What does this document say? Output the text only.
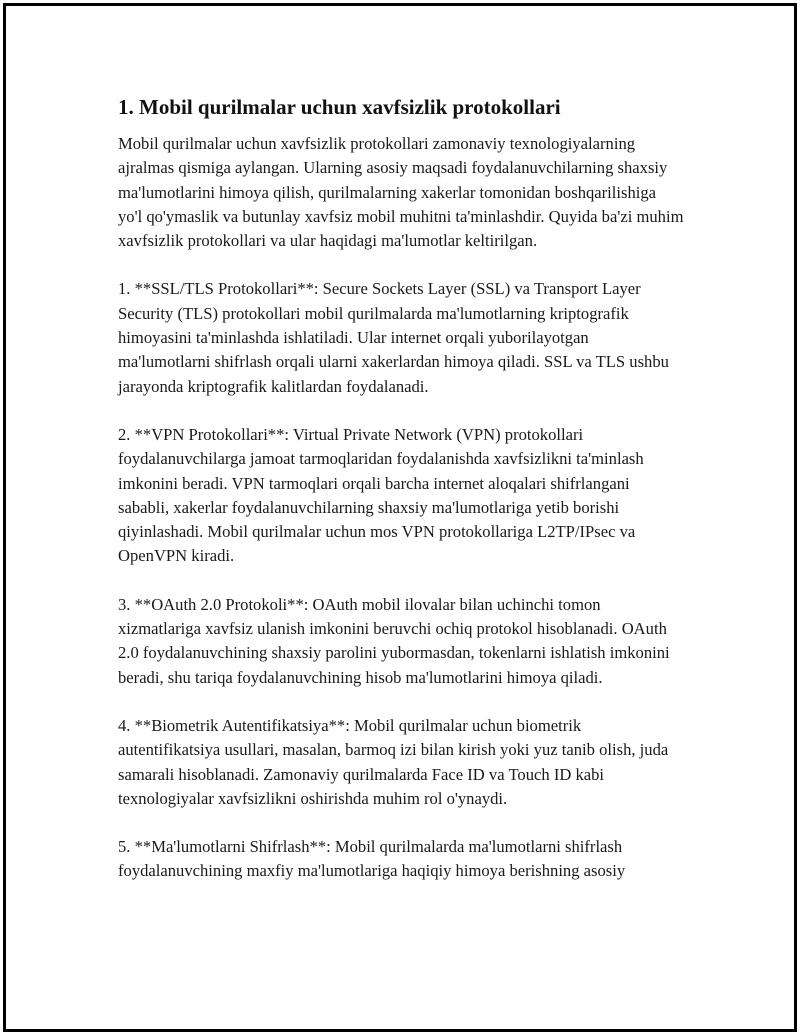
1. Mobil qurilmalar uchun xavfsizlik protokollari

Mobil qurilmalar uchun xavfsizlik protokollari zamonaviy texnologiyalarning ajralmas qismiga aylangan. Ularning asosiy maqsadi foydalanuvchilarning shaxsiy ma'lumotlarini himoya qilish, qurilmalarning xakerlar tomonidan boshqarilishiga yo'l qo'ymaslik va butunlay xavfsiz mobil muhitni ta'minlashdir. Quyida ba'zi muhim xavfsizlik protokollari va ular haqidagi ma'lumotlar keltirilgan.

1. **SSL/TLS Protokollari**: Secure Sockets Layer (SSL) va Transport Layer Security (TLS) protokollari mobil qurilmalarda ma'lumotlarning kriptografik himoyasini ta'minlashda ishlatiladi. Ular internet orqali yuborilayotgan ma'lumotlarni shifrlash orqali ularni xakerlardan himoya qiladi. SSL va TLS ushbu jarayonda kriptografik kalitlardan foydalanadi.

2. **VPN Protokollari**: Virtual Private Network (VPN) protokollari foydalanuvchilarga jamoat tarmoqlaridan foydalanishda xavfsizlikni ta'minlash imkonini beradi. VPN tarmoqlari orqali barcha internet aloqalari shifrlangani sababli, xakerlar foydalanuvchilarning shaxsiy ma'lumotlariga yetib borishi qiyinlashadi. Mobil qurilmalar uchun mos VPN protokollariga L2TP/IPsec va OpenVPN kiradi.

3. **OAuth 2.0 Protokoli**: OAuth mobil ilovalar bilan uchinchi tomon xizmatlariga xavfsiz ulanish imkonini beruvchi ochiq protokol hisoblanadi. OAuth 2.0 foydalanuvchining shaxsiy parolini yubormasdan, tokenlarni ishlatish imkonini beradi, shu tariqa foydalanuvchining hisob ma'lumotlarini himoya qiladi.

4. **Biometrik Autentifikatsiya**: Mobil qurilmalar uchun biometrik autentifikatsiya usullari, masalan, barmoq izi bilan kirish yoki yuz tanib olish, juda samarali hisoblanadi. Zamonaviy qurilmalarda Face ID va Touch ID kabi texnologiyalar xavfsizlikni oshirishda muhim rol o'ynaydi.

5. **Ma'lumotlarni Shifrlash**: Mobil qurilmalarda ma'lumotlarni shifrlash foydalanuvchining maxfiy ma'lumotlariga haqiqiy himoya berishning asosiy
